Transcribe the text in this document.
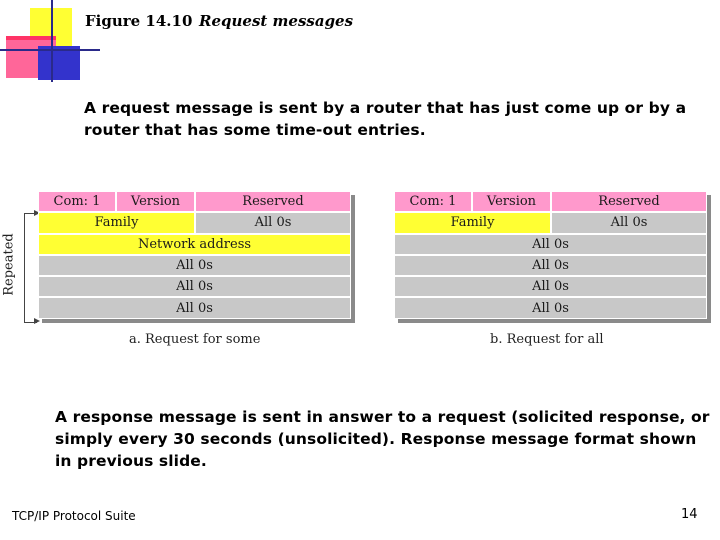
Figure 14.10 Request messages
A request message is sent by a router that has just come up or by a router that has some time-out entries.
Repeated
Com: 1	Version	Reserved
Family	All 0s
Network address
All 0s
All 0s
All 0s
a. Request for some
Com: 1	Version	Reserved
Family	All 0s
All 0s
All 0s
All 0s
All 0s
b. Request for all
A response message is sent in answer to a request (solicited response, or simply every 30 seconds (unsolicited). Response message format shown in previous slide.
TCP/IP Protocol Suite	14
